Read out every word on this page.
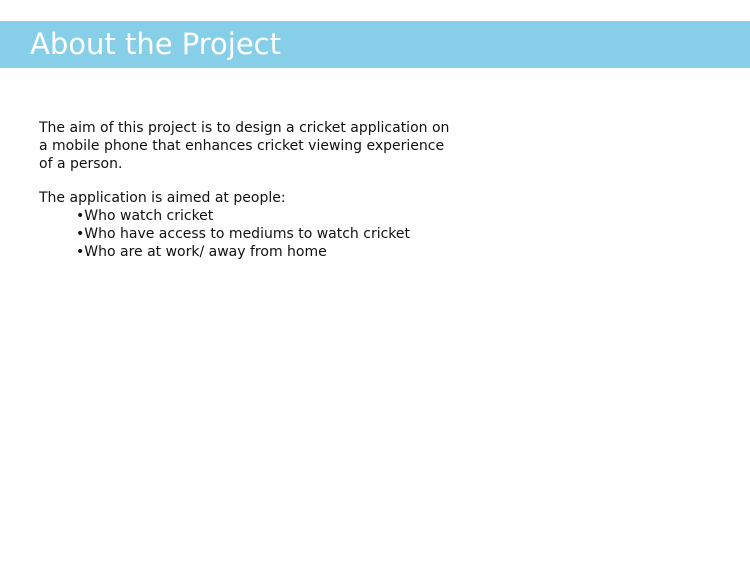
About the Project

The aim of this project is to design a cricket application on a mobile phone that enhances cricket viewing experience of a person.

The application is aimed at people:
•Who watch cricket
•Who have access to mediums to watch cricket
•Who are at work/ away from home
